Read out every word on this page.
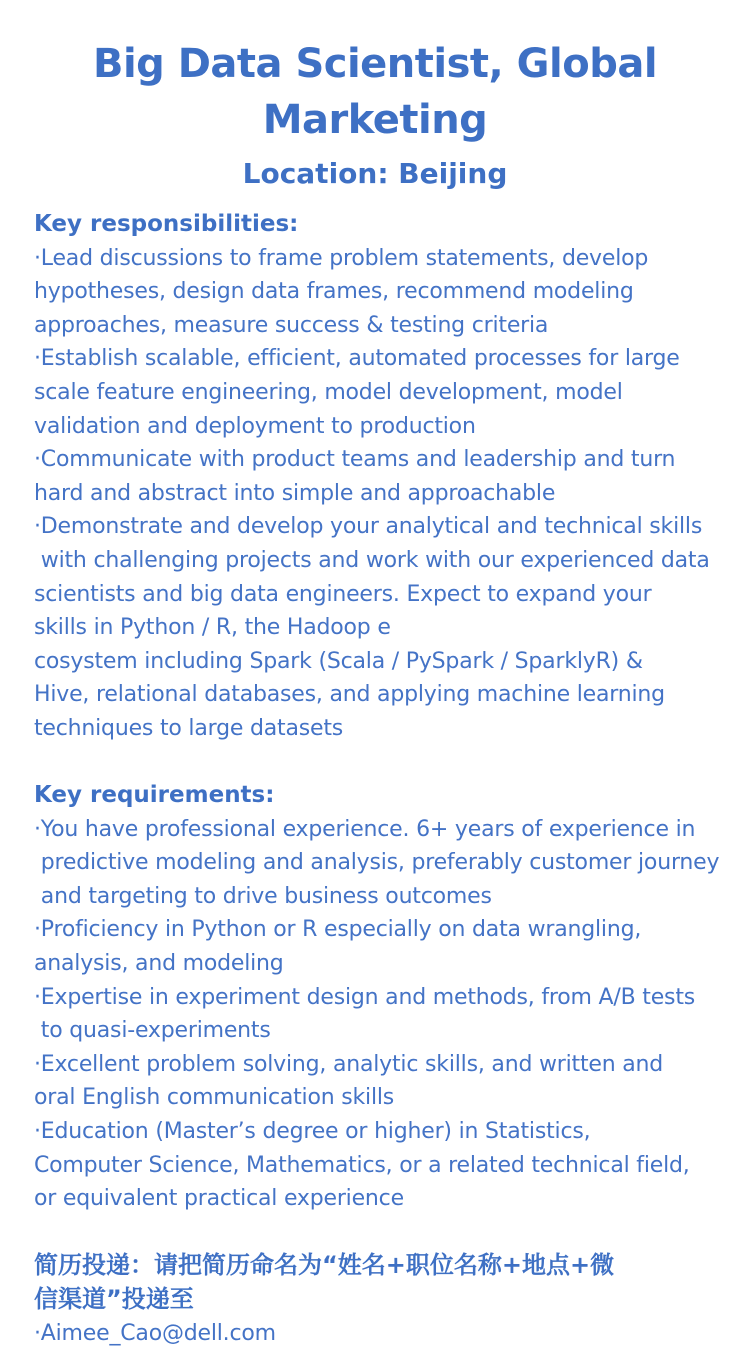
Big Data Scientist, Global Marketing
Location: Beijing
Key responsibilities:
·Lead discussions to frame problem statements, develop
hypotheses, design data frames, recommend modeling
approaches, measure success & testing criteria
·Establish scalable, efficient, automated processes for large
scale feature engineering, model development, model
validation and deployment to production
·Communicate with product teams and leadership and turn
hard and abstract into simple and approachable
·Demonstrate and develop your analytical and technical skills
with challenging projects and work with our experienced data
scientists and big data engineers. Expect to expand your
skills in Python / R, the Hadoop e
cosystem including Spark (Scala / PySpark / SparklyR) &
Hive, relational databases, and applying machine learning
techniques to large datasets
Key requirements:
·You have professional experience. 6+ years of experience in
predictive modeling and analysis, preferably customer journey
and targeting to drive business outcomes
·Proficiency in Python or R especially on data wrangling,
analysis, and modeling
·Expertise in experiment design and methods, from A/B tests
to quasi-experiments
·Excellent problem solving, analytic skills, and written and
oral English communication skills
·Education (Master’s degree or higher) in Statistics,
Computer Science, Mathematics, or a related technical field,
or equivalent practical experience
简历投递：请把简历命名为“姓名+职位名称+地点+微
信渠道”投递至
·Aimee_Cao@dell.com
